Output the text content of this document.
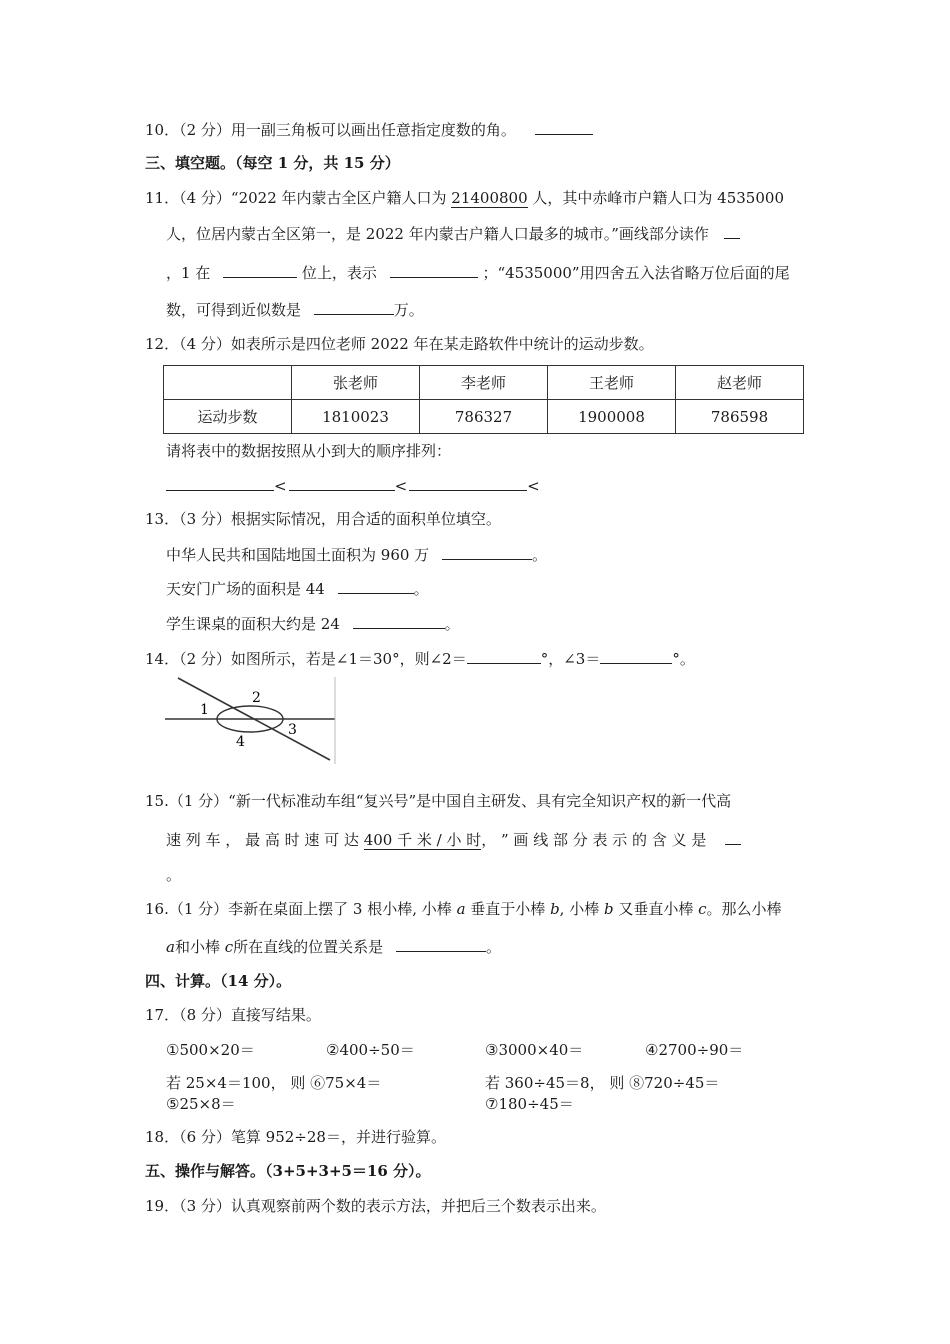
10．（2 分）用一副三角板可以画出任意指定度数的角。
三、填空题。（每空 1 分，共 15 分）
11．（4 分）“2022 年内蒙古全区户籍人口为 21400800 人，其中赤峰市户籍人口为 4535000
人，位居内蒙古全区第一，是 2022 年内蒙古户籍人口最多的城市。”画线部分读作
，1 在	位上，表示	；“4535000”用四舍五入法省略万位后面的尾
数，可得到近似数是	万。
12．（4 分）如表所示是四位老师 2022 年在某走路软件中统计的运动步数。
	张老师	李老师	王老师	赵老师
运动步数	1810023	786327	1900008	786598
请将表中的数据按照从小到大的顺序排列：
<	<	<
13．（3 分）根据实际情况，用合适的面积单位填空。
中华人民共和国陆地国土面积为 960 万	。
天安门广场的面积是 44	。
学生课桌的面积大约是 24	。
14．（2 分）如图所示，若是∠1＝30°，则∠2＝	°，∠3＝	°。
1
2
3
4
15.（1 分）“新一代标准动车组“复兴号”是中国自主研发、具有完全知识产权的新一代高
速 列 车 ， 最 高 时 速 可 达 400 千 米 / 小 时， ” 画 线 部 分 表 示 的 含 义 是
。
16.（1 分）李新在桌面上摆了 3 根小棒, 小棒 a 垂直于小棒 b, 小棒 b 又垂直小棒 c。那么小棒
a和小棒 c所在直线的位置关系是	。
四、计算。（14 分）。
17．（8 分）直接写结果。
①500×20＝	②400÷50＝	③3000×40＝	④2700÷90＝
若 25×4＝100， 则 ⑥75×4＝	若 360÷45＝8， 则 ⑧720÷45＝
⑤25×8＝	⑦180÷45＝
18．（6 分）笔算 952÷28＝，并进行验算。
五、操作与解答。（3+5+3+5＝16 分）。
19．（3 分）认真观察前两个数的表示方法，并把后三个数表示出来。
